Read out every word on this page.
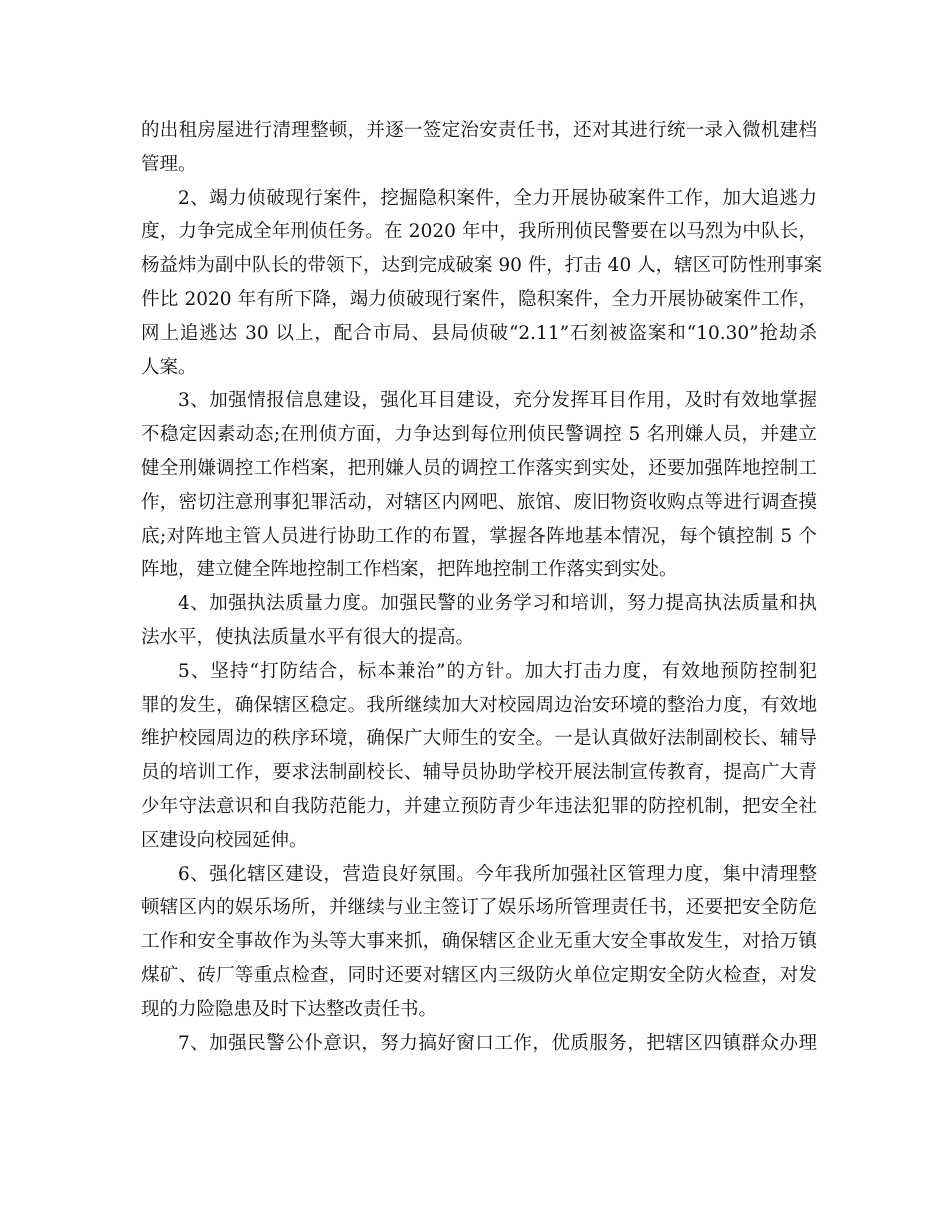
的出租房屋进行清理整顿，并逐一签定治安责任书，还对其进行统一录入微机建档
管理。
2、竭力侦破现行案件，挖掘隐积案件，全力开展协破案件工作，加大追逃力
度，力争完成全年刑侦任务。在 2020 年中，我所刑侦民警要在以马烈为中队长，
杨益炜为副中队长的带领下，达到完成破案 90 件，打击 40 人，辖区可防性刑事案
件比 2020 年有所下降，竭力侦破现行案件，隐积案件，全力开展协破案件工作，
网上追逃达 30 以上，配合市局、县局侦破“2.11”石刻被盗案和“10.30”抢劫杀
人案。
3、加强情报信息建设，强化耳目建设，充分发挥耳目作用，及时有效地掌握
不稳定因素动态;在刑侦方面，力争达到每位刑侦民警调控 5 名刑嫌人员，并建立
健全刑嫌调控工作档案，把刑嫌人员的调控工作落实到实处，还要加强阵地控制工
作，密切注意刑事犯罪活动，对辖区内网吧、旅馆、废旧物资收购点等进行调查摸
底;对阵地主管人员进行协助工作的布置，掌握各阵地基本情况，每个镇控制 5 个
阵地，建立健全阵地控制工作档案，把阵地控制工作落实到实处。
4、加强执法质量力度。加强民警的业务学习和培训，努力提高执法质量和执
法水平，使执法质量水平有很大的提高。
5、坚持“打防结合，标本兼治”的方针。加大打击力度，有效地预防控制犯
罪的发生，确保辖区稳定。我所继续加大对校园周边治安环境的整治力度，有效地
维护校园周边的秩序环境，确保广大师生的安全。一是认真做好法制副校长、辅导
员的培训工作，要求法制副校长、辅导员协助学校开展法制宣传教育，提高广大青
少年守法意识和自我防范能力，并建立预防青少年违法犯罪的防控机制，把安全社
区建设向校园延伸。
6、强化辖区建设，营造良好氛围。今年我所加强社区管理力度，集中清理整
顿辖区内的娱乐场所，并继续与业主签订了娱乐场所管理责任书，还要把安全防危
工作和安全事故作为头等大事来抓，确保辖区企业无重大安全事故发生，对拾万镇
煤矿、砖厂等重点检查，同时还要对辖区内三级防火单位定期安全防火检查，对发
现的力险隐患及时下达整改责任书。
7、加强民警公仆意识，努力搞好窗口工作，优质服务，把辖区四镇群众办理
